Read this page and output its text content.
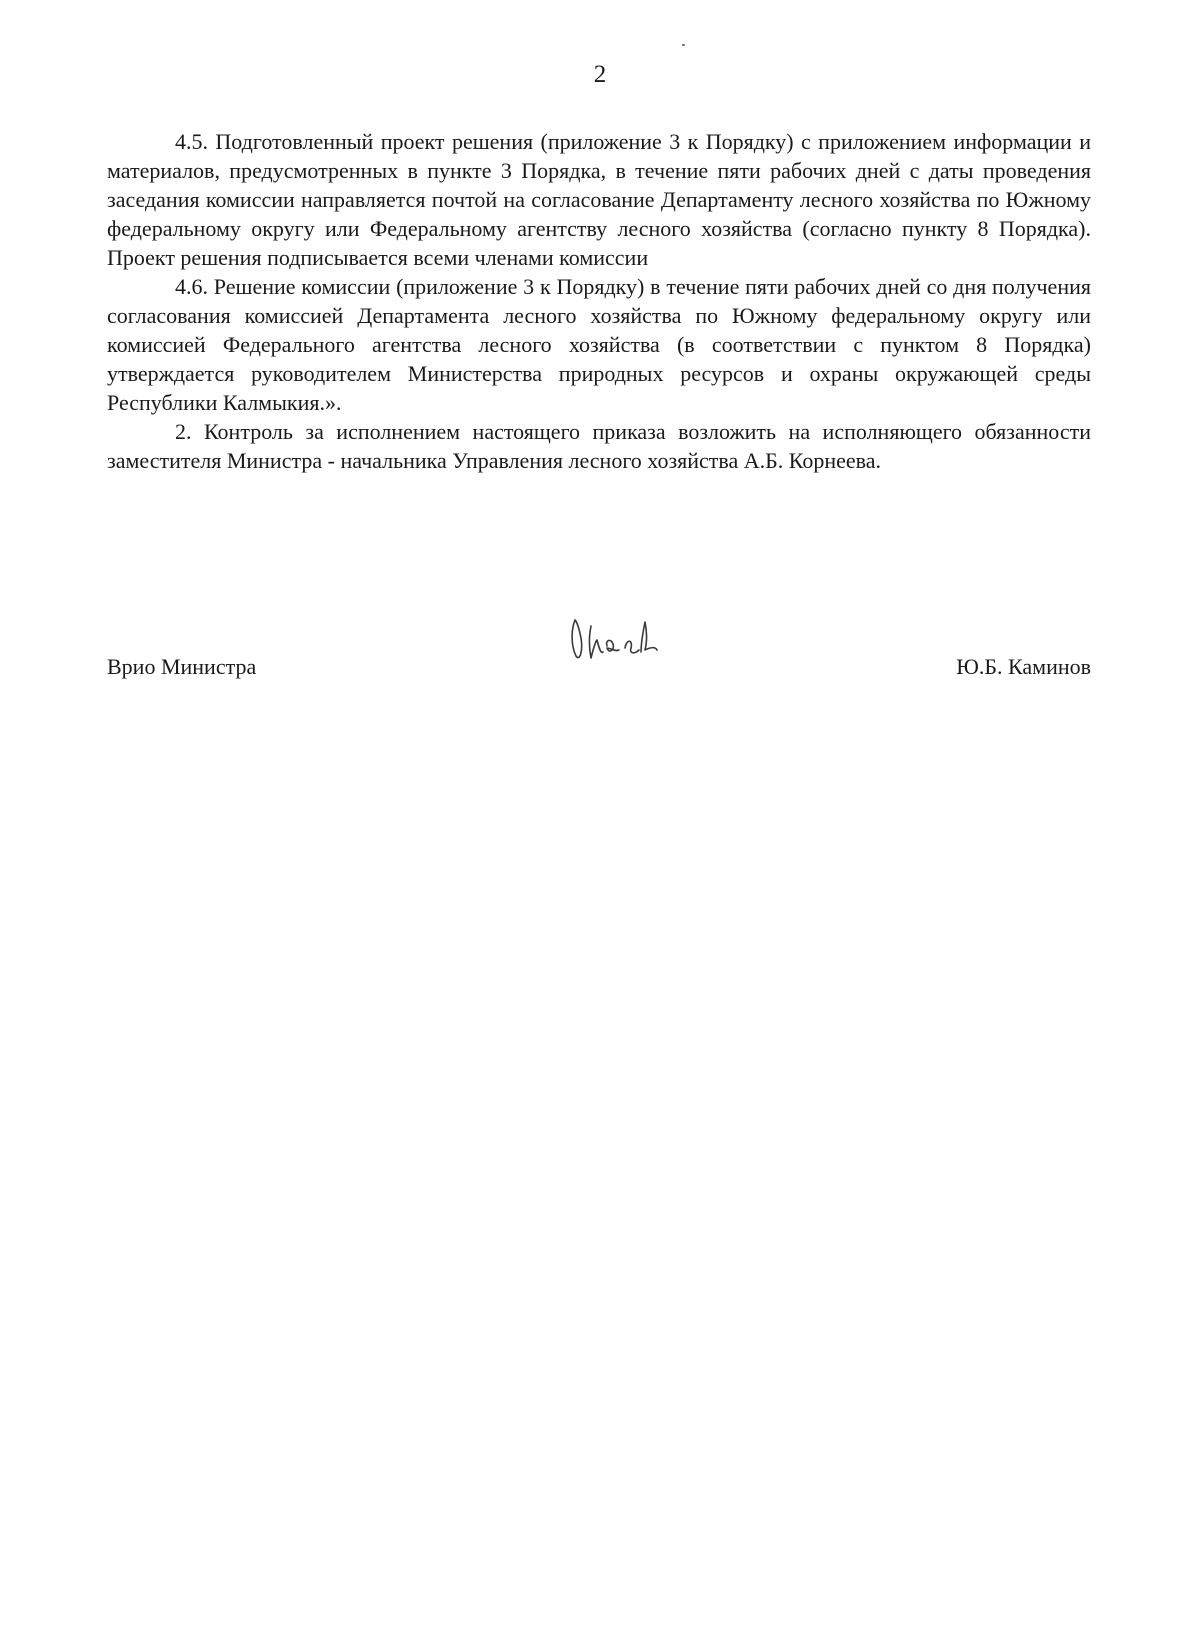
2

4.5. Подготовленный проект решения (приложение 3 к Порядку) с приложением информации и материалов, предусмотренных в пункте 3 Порядка, в течение пяти рабочих дней с даты проведения заседания комиссии направляется почтой на согласование Департаменту лесного хозяйства по Южному федеральному округу или Федеральному агентству лесного хозяйства (согласно пункту 8 Порядка). Проект решения подписывается всеми членами комиссии

4.6. Решение комиссии (приложение 3 к Порядку) в течение пяти рабочих дней со дня получения согласования комиссией Департамента лесного хозяйства по Южному федеральному округу или комиссией Федерального агентства лесного хозяйства (в соответствии с пунктом 8 Порядка) утверждается руководителем Министерства природных ресурсов и охраны окружающей среды Республики Калмыкия.».

2. Контроль за исполнением настоящего приказа возложить на исполняющего обязанности заместителя Министра - начальника Управления лесного хозяйства А.Б. Корнеева.

Врио Министра	Ю.Б. Каминов
